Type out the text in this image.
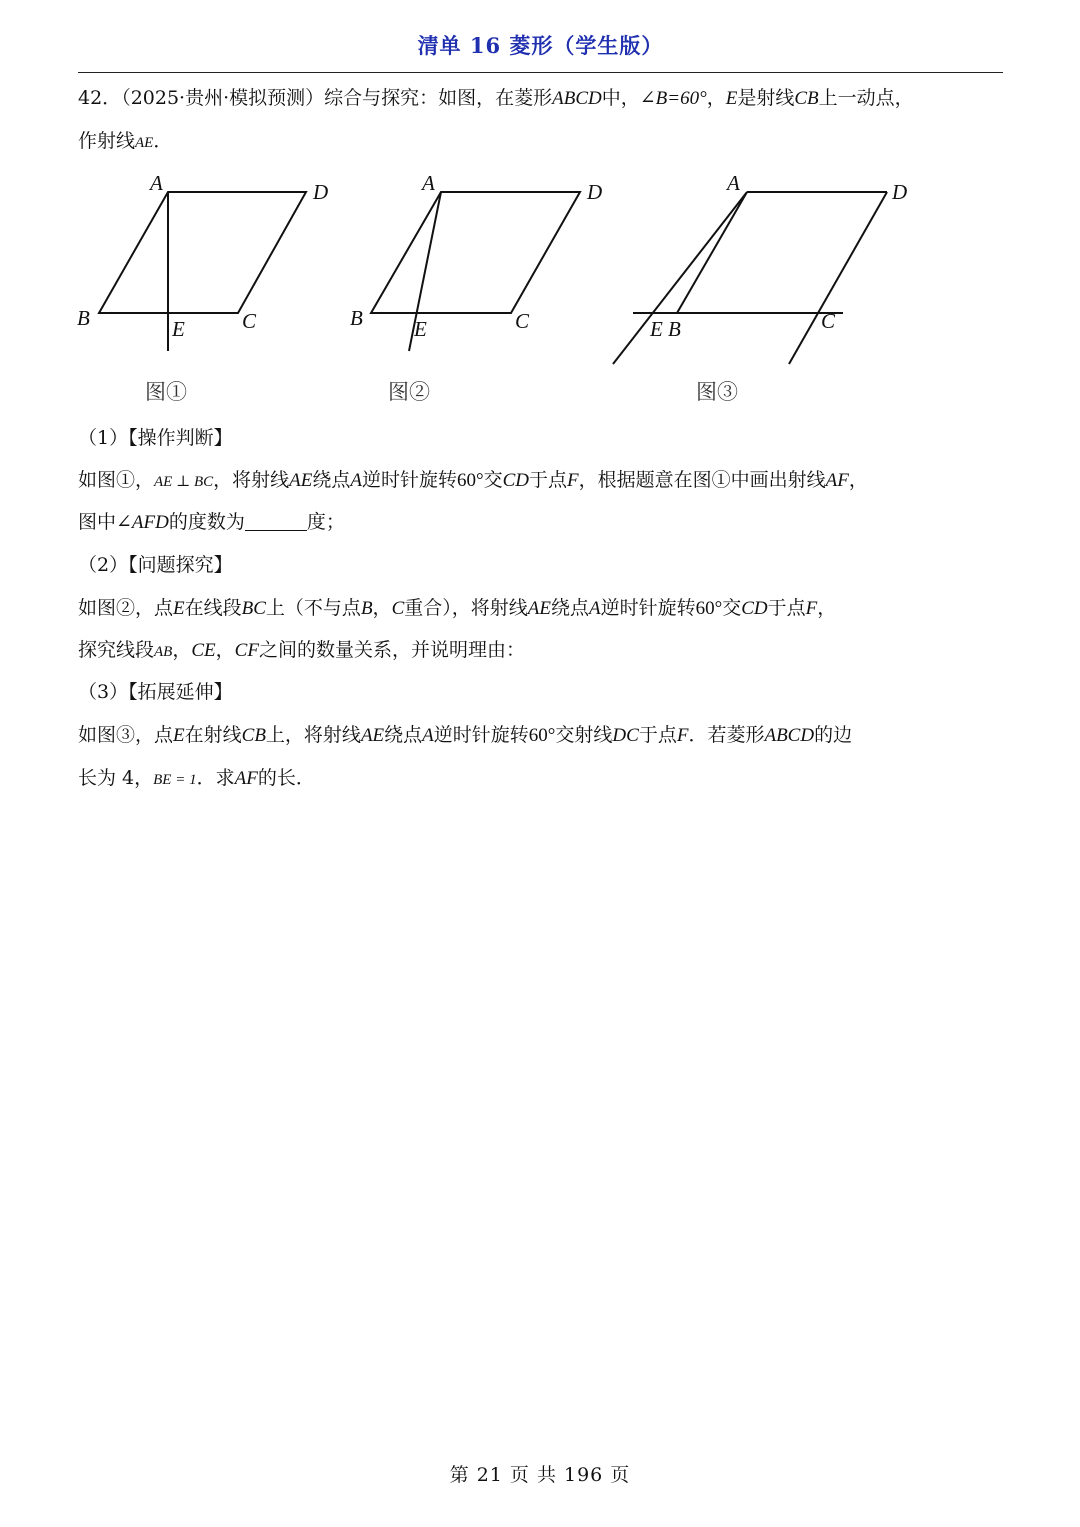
清单 16 菱形（学生版）
42．（2025·贵州·模拟预测）综合与探究：如图，在菱形ABCD中，∠B=60°，E是射线CB上一动点，
作射线AE．
A	D
B	C
E
图①
A	D
B	C
E
图②
A	D
E B	C
图③
（1）【操作判断】
如图①，AE ⊥ BC，将射线AE绕点A逆时针旋转60°交CD于点F，根据题意在图①中画出射线AF，
图中∠AFD的度数为	度；
（2）【问题探究】
如图②，点E在线段BC上（不与点B，C重合），将射线AE绕点A逆时针旋转60°交CD于点F，
探究线段AB，CE，CF之间的数量关系，并说明理由：
（3）【拓展延伸】
如图③，点E在射线CB上，将射线AE绕点A逆时针旋转60°交射线DC于点F．若菱形ABCD的边
长为 4，BE = 1．求AF的长．
第 21 页 共 196 页
